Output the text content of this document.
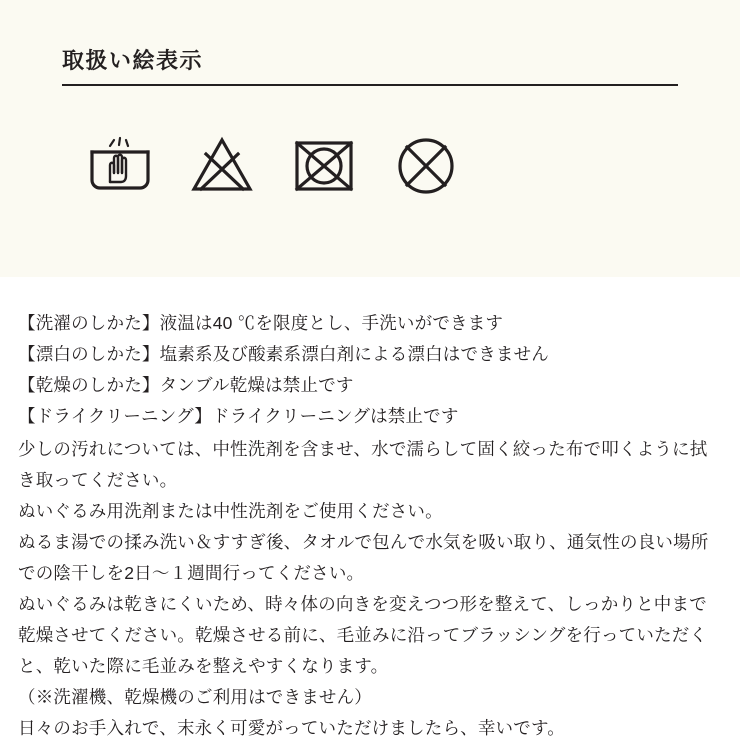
取扱い絵表示
【洗濯のしかた】液温は40 ℃を限度とし、手洗いができます
【漂白のしかた】塩素系及び酸素系漂白剤による漂白はできません
【乾燥のしかた】タンブル乾燥は禁止です
【ドライクリーニング】ドライクリーニングは禁止です

少しの汚れについては、中性洗剤を含ませ、水で濡らして固く絞った布で叩くように拭き取ってください。

ぬいぐるみ用洗剤または中性洗剤をご使用ください。

ぬるま湯での揉み洗い＆すすぎ後、タオルで包んで水気を吸い取り、通気性の良い場所での陰干しを2日〜１週間行ってください。

ぬいぐるみは乾きにくいため、時々体の向きを変えつつ形を整えて、しっかりと中まで乾燥させてください。乾燥させる前に、毛並みに沿ってブラッシングを行っていただくと、乾いた際に毛並みを整えやすくなります。

（※洗濯機、乾燥機のご利用はできません）

日々のお手入れで、末永く可愛がっていただけましたら、幸いです。
